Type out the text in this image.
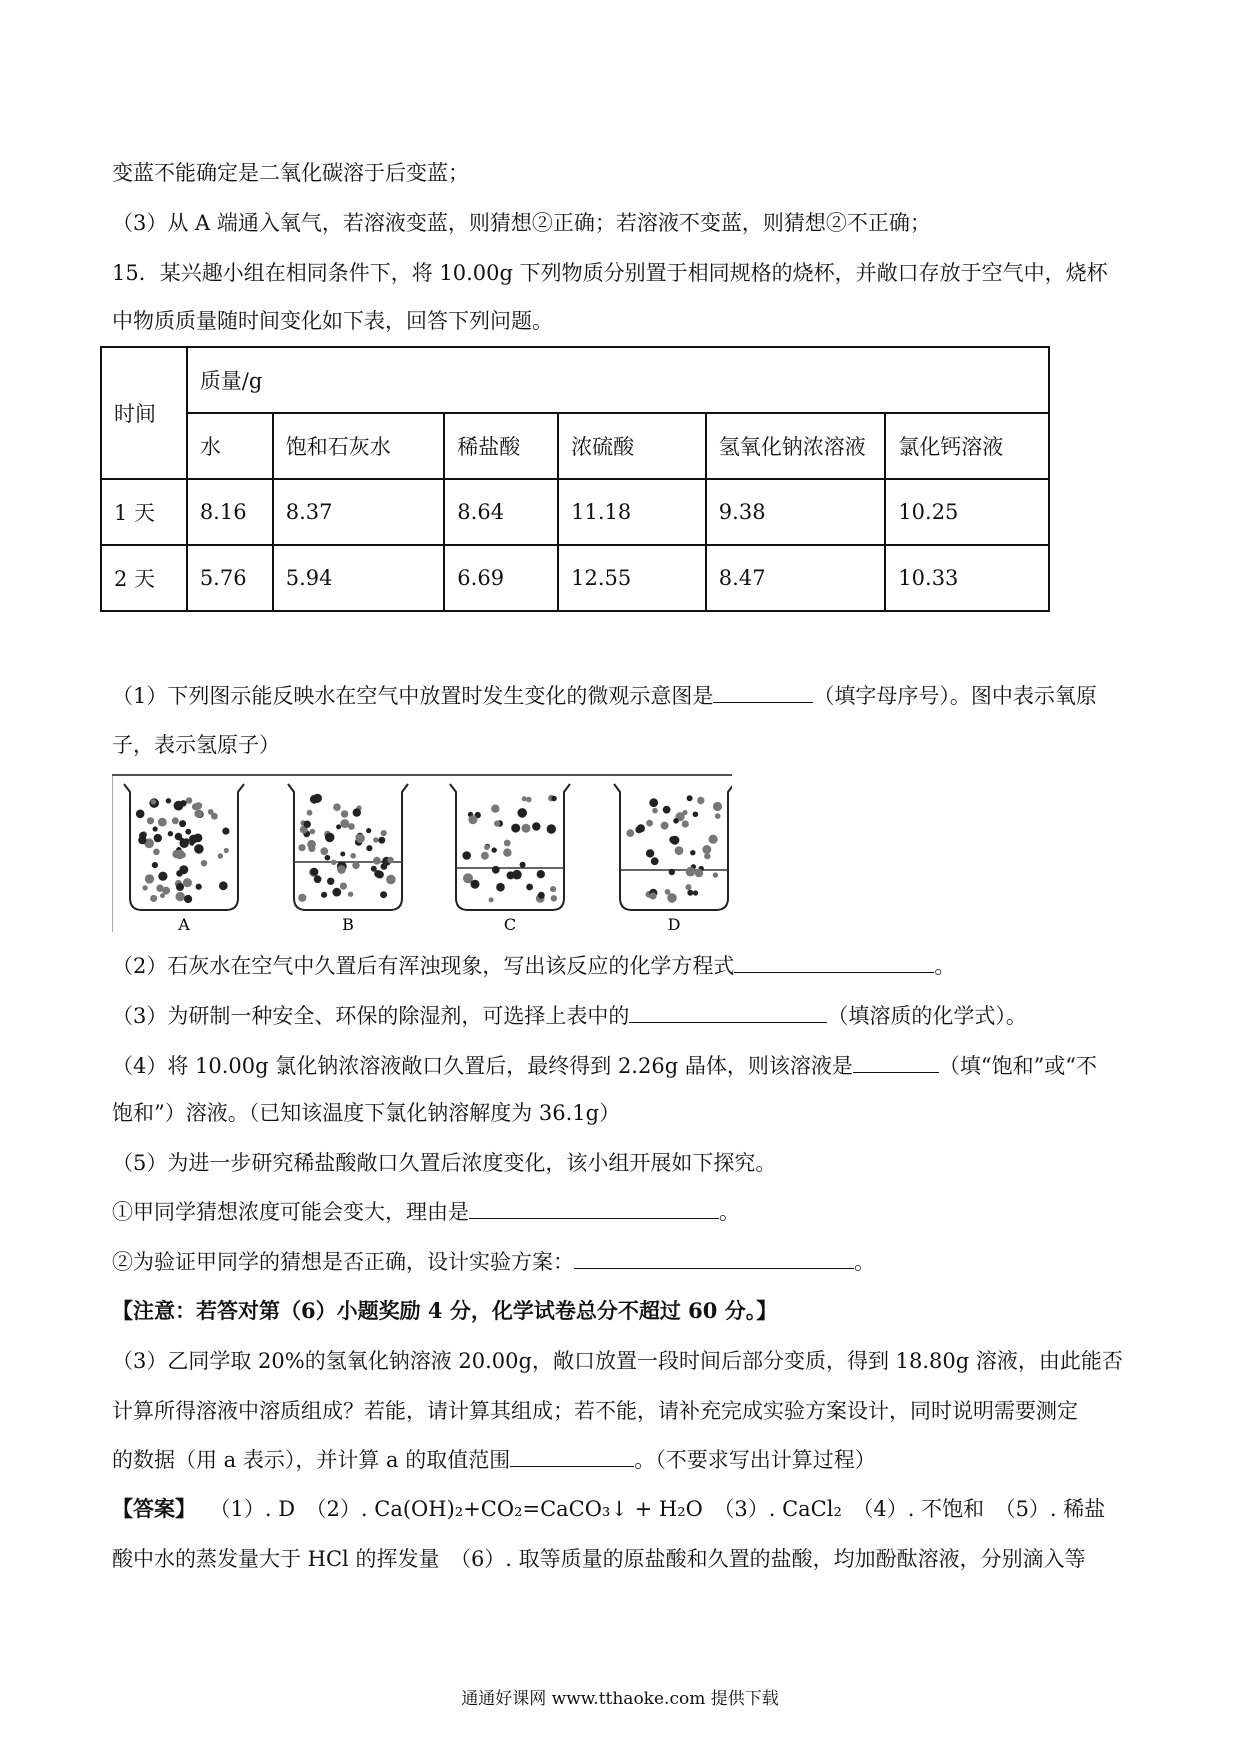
变蓝不能确定是二氧化碳溶于后变蓝；
（3）从 A 端通入氧气，若溶液变蓝，则猜想②正确；若溶液不变蓝，则猜想②不正确；
15．某兴趣小组在相同条件下，将 10.00g 下列物质分别置于相同规格的烧杯，并敞口存放于空气中，烧杯
中物质质量随时间变化如下表，回答下列问题。
时间	质量/g					
	水	饱和石灰水	稀盐酸	浓硫酸	氢氧化钠浓溶液	氯化钙溶液
1 天	8.16	8.37	8.64	11.18	9.38	10.25
2 天	5.76	5.94	6.69	12.55	8.47	10.33
（1）下列图示能反映水在空气中放置时发生变化的微观示意图是	（填字母序号）。图中表示氧原
子，表示氢原子）
A	B	C	D
（2）石灰水在空气中久置后有浑浊现象，写出该反应的化学方程式	。
（3）为研制一种安全、环保的除湿剂，可选择上表中的	（填溶质的化学式）。
（4）将 10.00g 氯化钠浓溶液敞口久置后，最终得到 2.26g 晶体，则该溶液是	（填“饱和”或“不
饱和”）溶液。（已知该温度下氯化钠溶解度为 36.1g）
（5）为进一步研究稀盐酸敞口久置后浓度变化，该小组开展如下探究。
①甲同学猜想浓度可能会变大，理由是	。
②为验证甲同学的猜想是否正确，设计实验方案：	。
【注意：若答对第（6）小题奖励 4 分，化学试卷总分不超过 60 分。】
（3）乙同学取 20%的氢氧化钠溶液 20.00g，敞口放置一段时间后部分变质，得到 18.80g 溶液，由此能否
计算所得溶液中溶质组成？若能，请计算其组成；若不能，请补充完成实验方案设计，同时说明需要测定
的数据（用 a 表示），并计算 a 的取值范围	。（不要求写出计算过程）
【答案】 （1）. D　（2）. Ca(OH)₂+CO₂=CaCO₃↓ + H₂O　（3）. CaCl₂　（4）. 不饱和　（5）. 稀盐
酸中水的蒸发量大于 HCl 的挥发量　（6）. 取等质量的原盐酸和久置的盐酸，均加酚酞溶液，分别滴入等
通通好课网 www.tthaoke.com 提供下载
